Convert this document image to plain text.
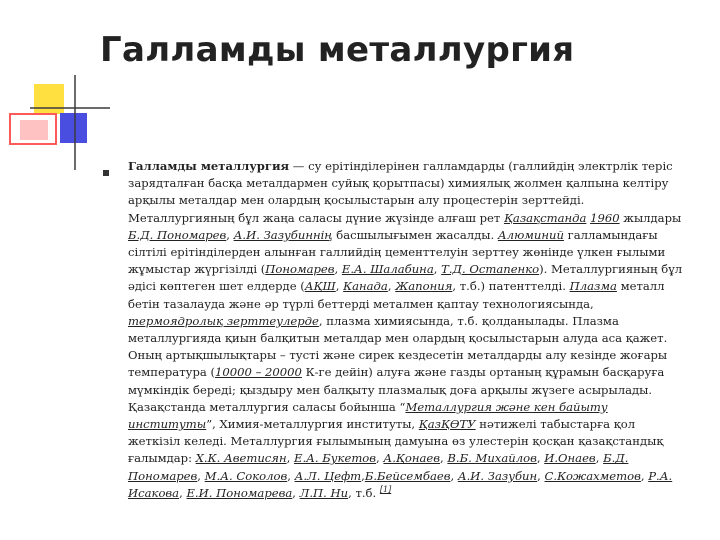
Галламды металлургия

Галламды металлургия — су ерітінділерінен галламдарды (галлийдің электрлік теріс зарядталған басқа металдармен суйық қорытпасы) химиялық жолмен қалпына келтіру арқылы металдар мен олардың қосылыстарын алу процестерін зерттейді. Металлургияның бұл жаңа саласы дүние жүзінде алғаш рет Қазақстанда 1960 жылдары Б.Д. Пономарев, А.И. Зазубиннің басшылығымен жасалды. Алюминий галламындағы сілтілі ерітінділерден алынған галлийдің цементтелуін зерттеу жөнінде үлкен ғылыми жұмыстар жүргізілді (Пономарев, Е.А. Шалабина, Т.Д. Остапенко). Металлургияның бұл әдісі көптеген шет елдерде (АҚШ, Канада, Жапония, т.б.) патенттелді. Плазма металл бетін тазалауда және әр түрлі беттерді металмен қаптау технологиясында, термоядролық зерттеулерде, плазма химиясында, т.б. қолданылады. Плазма металлургияда қиын балқитын металдар мен олардың қосылыстарын алуда аса қажет. Оның артықшылықтары – тусті және сирек кездесетін металдарды алу кезінде жоғары температура (10000 – 20000 К-ге дейін) алуға және газды ортаның құрамын басқаруға мүмкіндік береді; қыздыру мен балқыту плазмалық доға арқылы жүзеге асырылады. Қазақстанда металлургия саласы бойынша “Металлургия және кен байыту институты”, Химия-металлургия институты, ҚазҚӨТУ нәтижелі табыстарға қол жеткізіл келеді. Металлургия ғылымының дамуына өз улестерін қосқан қазақстандық ғалымдар: Х.К. Аветисян, Е.А. Букетов, А.Қонаев, В.Б. Михайлов, И.Онаев, Б.Д. Пономарев, М.А. Соколов, А.Л. Цефт,Б.Бейсембаев, А.И. Зазубин, С.Кожахметов, Р.А. Исакова, Е.И. Пономарева, Л.П. Ни, т.б. [1]
